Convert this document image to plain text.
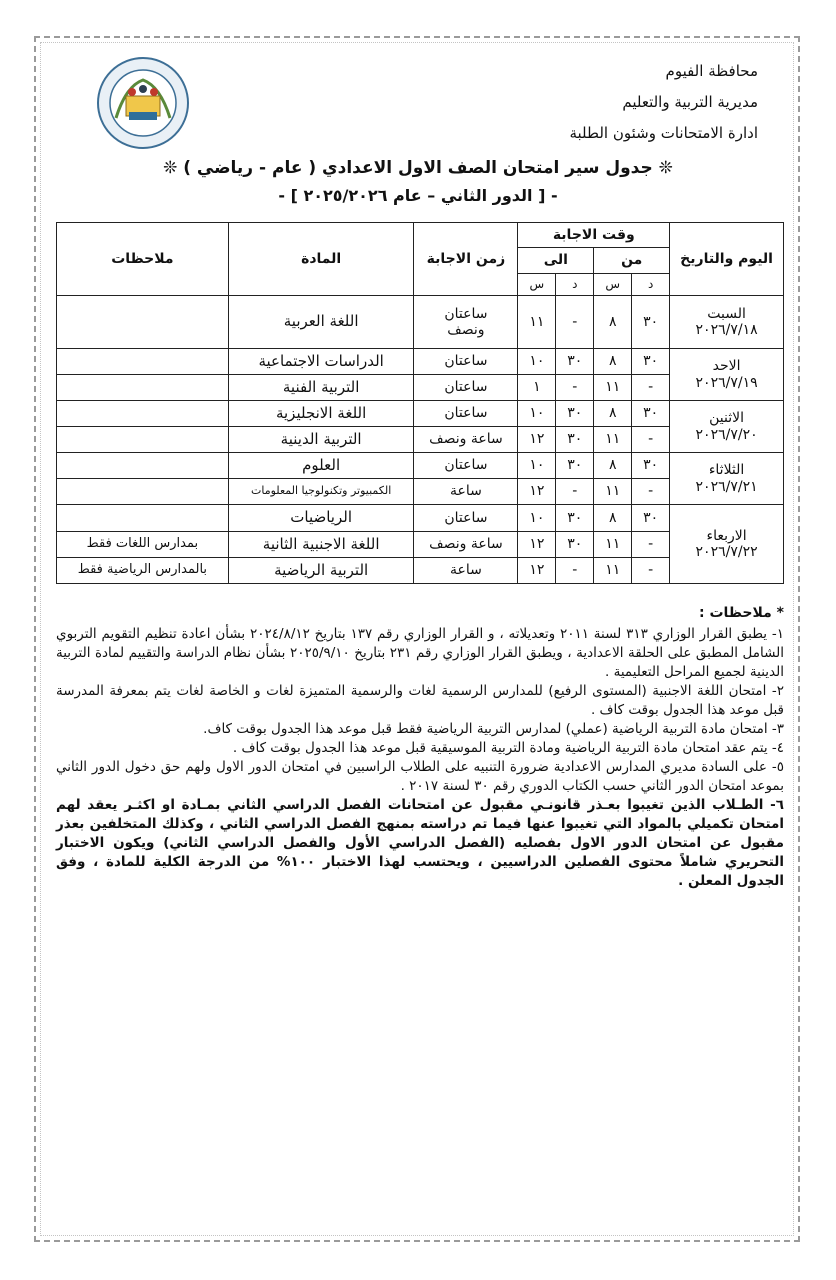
محافظة الفيوم
مديرية التربية والتعليم
ادارة الامتحانات وشئون الطلبة
❊ جدول سير امتحان الصف الاول الاعدادي ( عام - رياضي ) ❊
- [ الدور الثاني – عام ٢٠٢٥/٢٠٢٦ ] -
اليوم والتاريخ	وقت الاجابة				زمن الاجابة	المادة	ملاحظات
	من		الى				
	د	س	د	س			

السبت
٢٠٢٦/٧/١٨	٣٠	٨	-	١١	ساعتان ونصف	اللغة العربية	

الاحد
٢٠٢٦/٧/١٩	٣٠	٨	٣٠	١٠	ساعتان	الدراسات الاجتماعية	
	-	١١	-	١	ساعتان	التربية الفنية	

الاثنين
٢٠٢٦/٧/٢٠	٣٠	٨	٣٠	١٠	ساعتان	اللغة الانجليزية	
	-	١١	٣٠	١٢	ساعة ونصف	التربية الدينية	

الثلاثاء
٢٠٢٦/٧/٢١	٣٠	٨	٣٠	١٠	ساعتان	العلوم	
	-	١١	-	١٢	ساعة	الكمبيوتر وتكنولوجيا المعلومات	

الاربعاء
٢٠٢٦/٧/٢٢	٣٠	٨	٣٠	١٠	ساعتان	الرياضيات	
	-	١١	٣٠	١٢	ساعة ونصف	اللغة الاجنبية الثانية	بمدارس اللغات فقط
	-	١١	-	١٢	ساعة	التربية الرياضية	بالمدارس الرياضية فقط

* ملاحظات :

١- يطبق القرار الوزاري ٣١٣ لسنة ٢٠١١ وتعديلاته ، و القرار الوزاري رقم ١٣٧ بتاريخ ٢٠٢٤/٨/١٢ بشأن اعادة تنظيم التقويم التربوي الشامل المطبق على الحلقة الاعدادية ، ويطبق القرار الوزاري رقم ٢٣١ بتاريخ ٢٠٢٥/٩/١٠ بشأن نظام الدراسة والتقييم لمادة التربية الدينية لجميع المراحل التعليمية .

٢- امتحان اللغة الاجنبية (المستوى الرفيع) للمدارس الرسمية لغات والرسمية المتميزة لغات و الخاصة لغات يتم بمعرفة المدرسة قبل موعد هذا الجدول بوقت كاف .

٣- امتحان مادة التربية الرياضية (عملي) لمدارس التربية الرياضية فقط قبل موعد هذا الجدول بوقت كاف.

٤- يتم عقد امتحان مادة التربية الرياضية ومادة التربية الموسيقية قبل موعد هذا الجدول بوقت كاف .

٥- على السادة مديري المدارس الاعدادية ضرورة التنبيه على الطلاب الراسبين في امتحان الدور الاول ولهم حق دخول الدور الثاني بموعد امتحان الدور الثاني حسب الكتاب الدوري رقم ٣٠ لسنة ٢٠١٧ .

٦- الطـلاب الذين تغيبوا بعـذر قانونـي مقبول عن امتحانات الفصل الدراسي الثاني بمـادة او اكثـر يعقد لهم امتحان تكميلي بالمواد التي تغيبوا عنها فيما تم دراسته بمنهج الفصل الدراسي الثاني ، وكذلك المتخلفين بعذر مقبول عن امتحان الدور الاول بفصليه (الفصل الدراسي الأول والفصل الدراسي الثاني) ويكون الاختبار التحريري شاملاً محتوى الفصلين الدراسيين ، ويحتسب لهذا الاختبار ١٠٠% من الدرجة الكلية للمادة ، وفق الجدول المعلن .
